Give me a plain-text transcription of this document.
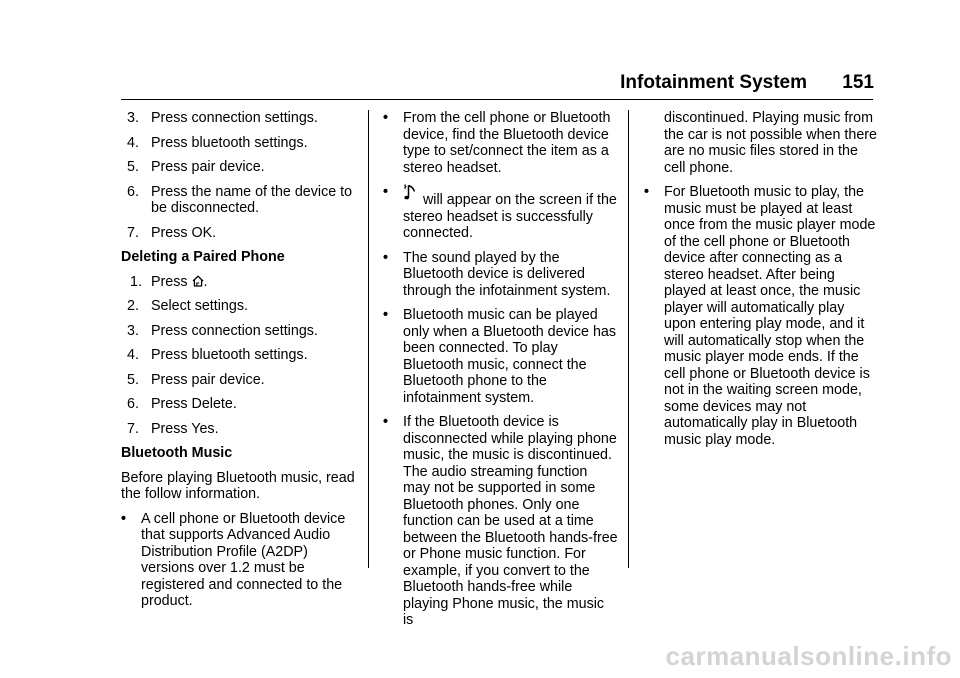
Infotainment System 151
3. Press connection settings.
4. Press bluetooth settings.
5. Press pair device.
6. Press the name of the device to be disconnected.
7. Press OK.
Deleting a Paired Phone
1. Press .
2. Select settings.
3. Press connection settings.
4. Press bluetooth settings.
5. Press pair device.
6. Press Delete.
7. Press Yes.
Bluetooth Music

Before playing Bluetooth music, read the follow information.

• A cell phone or Bluetooth device that supports Advanced Audio Distribution Profile (A2DP) versions over 1.2 must be registered and connected to the product.
• From the cell phone or Bluetooth device, find the Bluetooth device type to set/connect the item as a stereo headset.
• will appear on the screen if the stereo headset is successfully connected.
• The sound played by the Bluetooth device is delivered through the infotainment system.
• Bluetooth music can be played only when a Bluetooth device has been connected. To play Bluetooth music, connect the Bluetooth phone to the infotainment system.
• If the Bluetooth device is disconnected while playing phone music, the music is discontinued. The audio streaming function may not be supported in some Bluetooth phones. Only one function can be used at a time between the Bluetooth hands-free or Phone music function. For example, if you convert to the Bluetooth hands-free while playing Phone music, the music is

discontinued. Playing music from the car is not possible when there are no music files stored in the cell phone.

• For Bluetooth music to play, the music must be played at least once from the music player mode of the cell phone or Bluetooth device after connecting as a stereo headset. After being played at least once, the music player will automatically play upon entering play mode, and it will automatically stop when the music player mode ends. If the cell phone or Bluetooth device is not in the waiting screen mode, some devices may not automatically play in Bluetooth music play mode.
carmanualsonline.info
